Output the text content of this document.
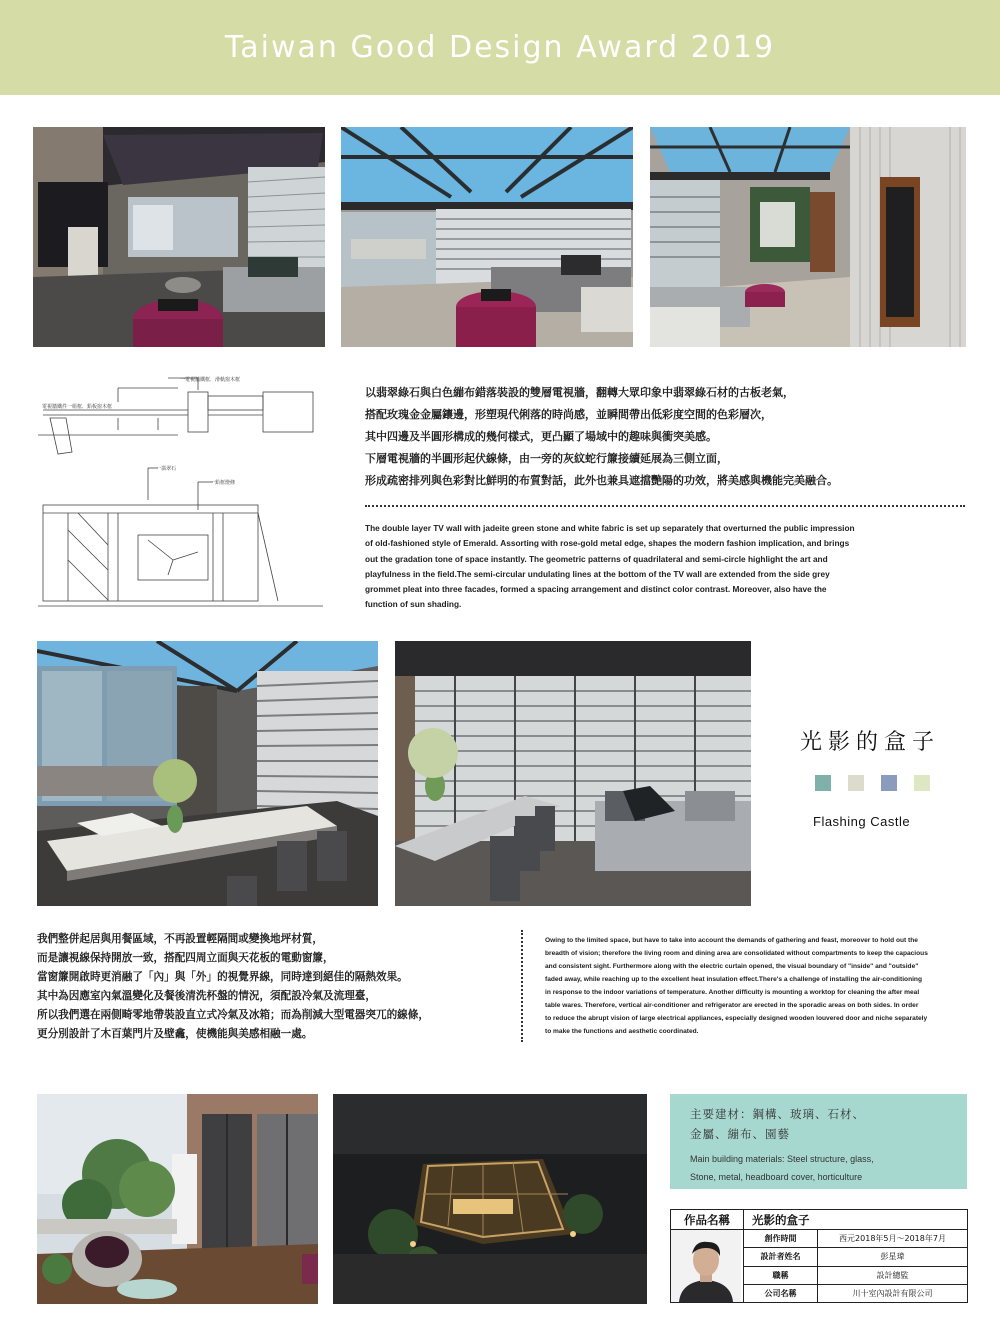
Taiwan Good Design Award 2019
一電視牆鐵框．滑軌窗木框
電視牆鐵件一組框．鉛板窗木框
一翡翠石
一鉛框燈條

以翡翠綠石與白色繃布錯落裝設的雙層電視牆，翻轉大眾印象中翡翠綠石材的古板老氣，

搭配玫瑰金金屬鑲邊，形塑現代俐落的時尚感，並瞬間帶出低彩度空間的色彩層次，

其中四邊及半圓形構成的幾何樣式，更凸顯了場域中的趣味與衝突美感。

下層電視牆的半圓形起伏線條，由一旁的灰紋蛇行簾接續延展為三側立面，

形成疏密排列與色彩對比鮮明的布質對話，此外也兼具遮擋艷陽的功效，將美感與機能完美融合。

The double layer TV wall with jadeite green stone and white fabric is set up separately that overturned the public impression

of old-fashioned style of Emerald. Assorting with rose-gold metal edge, shapes the modern fashion implication, and brings

out the gradation tone of space instantly. The geometric patterns of quadrilateral and semi-circle highlight the art and

playfulness in the field.The semi-circular undulating lines at the bottom of the TV wall are extended from the side grey

grommet pleat into three facades, formed a spacing arrangement and distinct color contrast. Moreover, also have the

function of sun shading.

光影的盒子
Flashing Castle

我們整併起居與用餐區域，不再設置輕隔間或變換地坪材質，

而是讓視線保持開放一致，搭配四周立面與天花板的電動窗簾，

當窗簾開啟時更消融了「內」與「外」的視覺界線，同時達到絕佳的隔熱效果。

其中為因應室內氣溫變化及餐後清洗杯盤的情況，須配設冷氣及流理臺，

所以我們選在兩側畸零地帶裝設直立式冷氣及冰箱；而為削減大型電器突兀的線條，

更分別設計了木百葉門片及壁龕，使機能與美感相融一處。

Owing to the limited space, but have to take into account the demands of gathering and feast, moreover to hold out the

breadth of vision; therefore the living room and dining area are consolidated without compartments to keep the capacious

and consistent sight. Furthermore along with the electric curtain opened, the visual boundary of "inside" and "outside"

faded away, while reaching up to the excellent heat insulation effect.There's a challenge of installing the air-conditioning

in response to the indoor variations of temperature. Another difficulty is mounting a worktop for cleaning the after meal

table wares. Therefore, vertical air-conditioner and refrigerator are erected in the sporadic areas on both sides. In order

to reduce the abrupt vision of large electrical appliances, especially designed wooden louvered door and niche separately

to make the functions and aesthetic coordinated.

主要建材：鋼構、玻璃、石材、

金屬、繃布、園藝

Main building materials: Steel structure, glass,

Stone, metal, headboard cover, horticulture

作品名稱	光影的盒子	

	創作時間	西元2018年5月～2018年7月
	設計者姓名	彭星瑋
	職稱	設計總監
	公司名稱	川十室內設計有限公司
